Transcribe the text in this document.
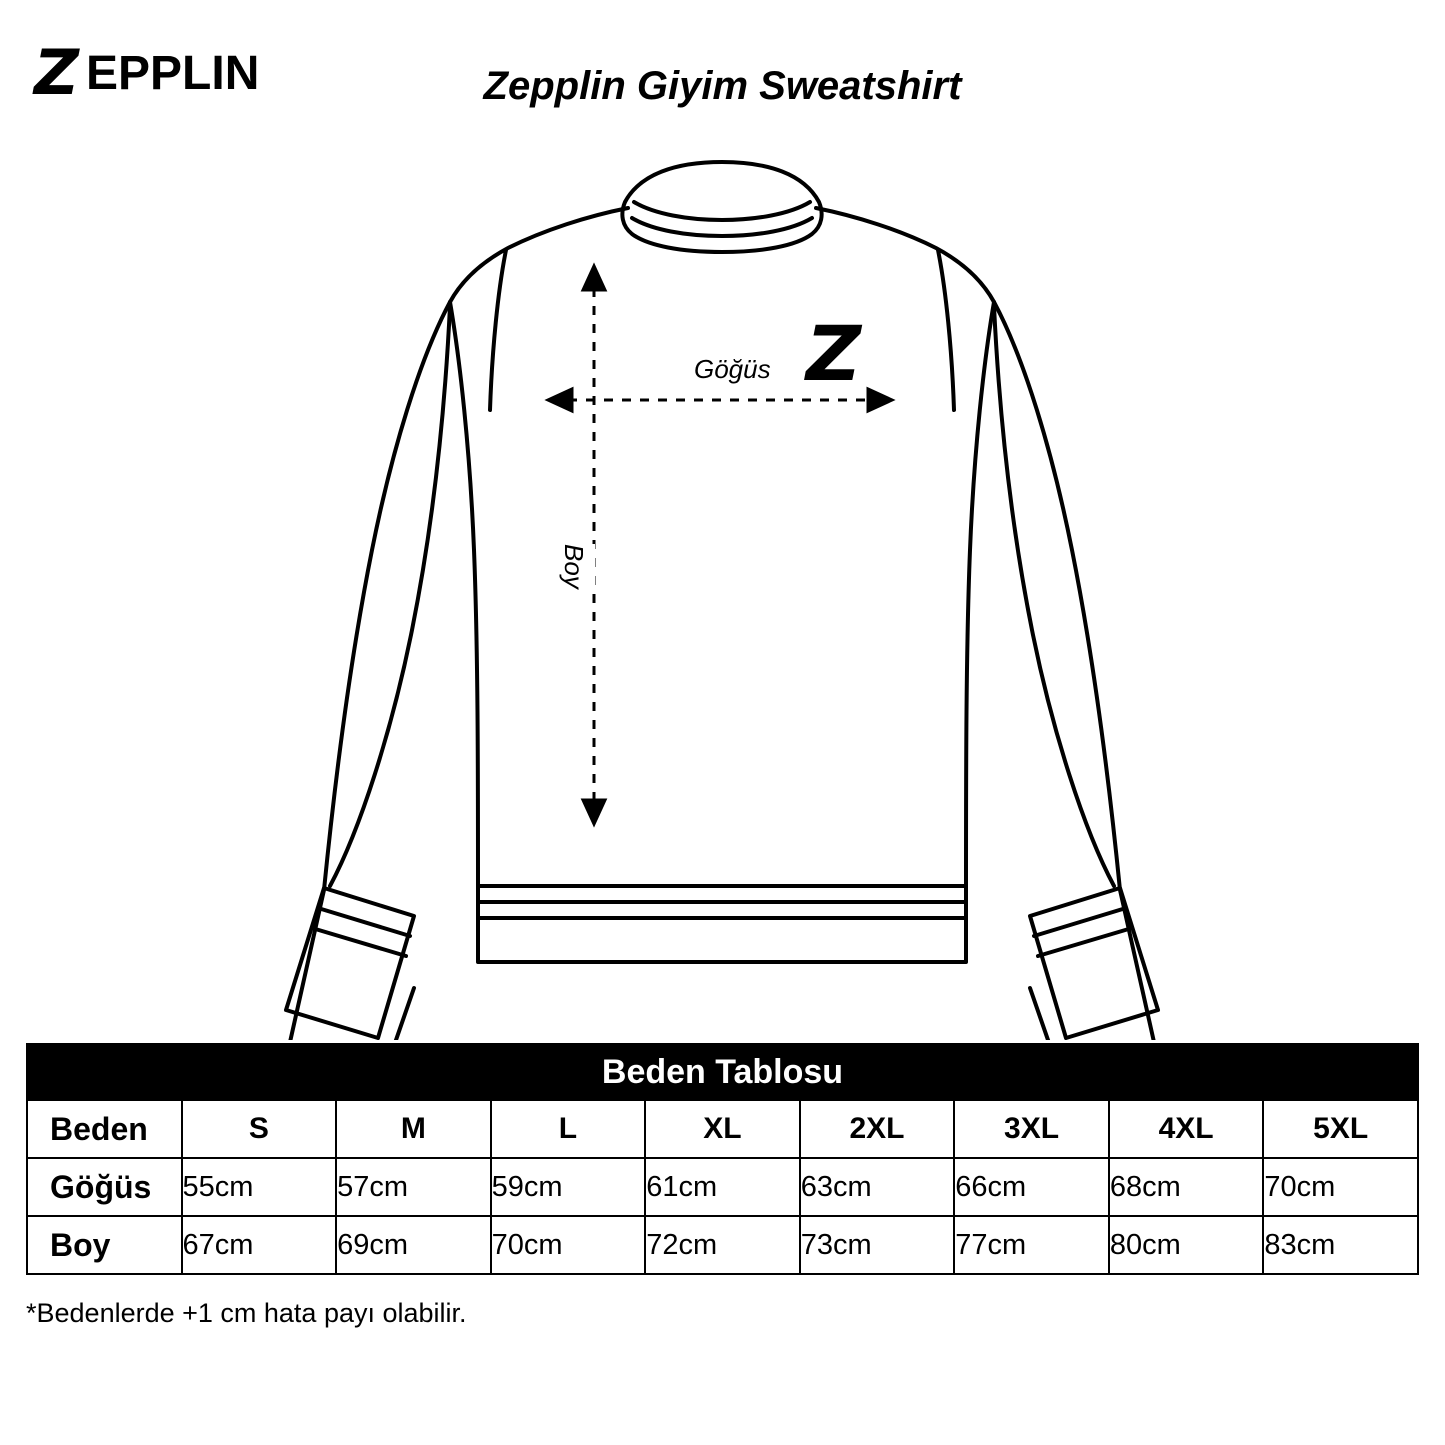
Z EPPLIN	Zepplin Giyim Sweatshirt
Z
Göğüs
Boy
Beden Tablosu								
Beden	S	M	L	XL	2XL	3XL	4XL	5XL
Göğüs	55cm	57cm	59cm	61cm	63cm	66cm	68cm	70cm
Boy	67cm	69cm	70cm	72cm	73cm	77cm	80cm	83cm
*Bedenlerde +1 cm hata payı olabilir.
